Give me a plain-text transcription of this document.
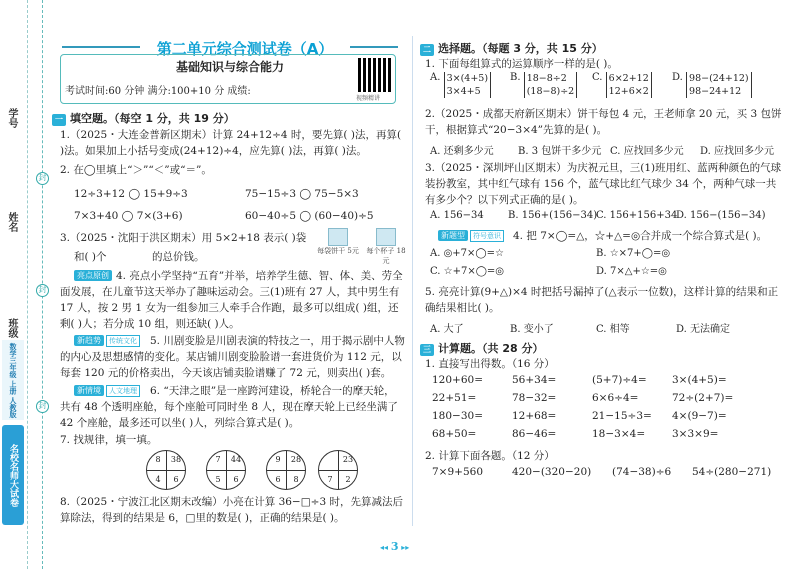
学号
姓名
班级
数学三年级 上册 人教版
名校名师大试卷
封
封
封
第二单元综合测试卷（A）
基础知识与综合能力
考试时间:60 分钟 满分:100+10 分 成绩:
视频精讲
一 填空题。（每空 1 分，共 19 分）
1.（2025・大连金普新区期末）计算 24+12÷4 时，要先算( )法，再算( )法。如果加上小括号变成(24+12)÷4，应先算( )法，再算( )法。
2. 在◯里填上“＞”“＜”或“＝”。
12÷3+12 ◯ 15+9÷3	75−15÷3 ◯ 75−5×3
7×3+40 ◯ 7×(3+6)	60−40÷5 ◯ (60−40)÷5
3.（2025・沈阳于洪区期末）用 5×2+18 表示( )袋
和( )个	的总价钱。	每袋饼干 5元	每个杯子 18元
亮点原创 4. 亮点小学坚持“五育”并举，培养学生德、智、体、美、劳全面发展，在儿童节这天举办了趣味运动会。三(1)班有 27 人，其中男生有 17 人，按 2 男 1 女为一组参加三人牵手合作跑，最多可以组成( )组，还剩( )人；若分成 10 组，则还缺( )人。
新趋势	传统文化	5. 川剧变脸是川剧表演的特技之一，用于揭示剧中人物的内心及思想感情的变化。某店铺川剧变脸脸谱一套进货价为 112 元，以每套 120 元的价格卖出，今天该店铺卖脸谱赚了 72 元，则卖出( )套。
新情境	人文地理	6. “天津之眼”是一座跨河建设，桥轮合一的摩天轮，共有 48 个透明座舱，每个座舱可同时坐 8 人，现在摩天轮上已经坐满了 42 个座舱，最多还可以坐( )人，列综合算式是( )。
7. 找规律，填一填。
8	38
4	6
7	44
5	6
9	28
6	8
23
7	2
8.（2025・宁波江北区期末改编）小亮在计算 36−□÷3 时，先算减法后算除法，得到的结果是 6，□里的数是( )，正确的结果是( )。
二 选择题。（每题 3 分，共 15 分）
1. 下面每组算式的运算顺序一样的是( )。
A. 3×(4+5)
3×4+5
B. 18−8÷2
(18−8)÷2
C. 6×2+12
12+6×2
D. 98−(24+12)
98−24+12
2.（2025・成都天府新区期末）饼干每包 4 元，王老师拿 20 元，买 3 包饼干，根据算式“20−3×4”先算的是( )。
A. 还剩多少元 B. 3 包饼干多少元 C. 应找回多少元 D. 应找回多少元
3.（2025・深圳坪山区期末）为庆祝元旦，三(1)班用红、蓝两种颜色的气球装扮教室，其中红气球有 156 个，蓝气球比红气球少 34 个，两种气球一共有多少个？以下列式正确的是( )。
A. 156−34 B. 156+(156−34)
C. 156+156+34
D. 156−(156−34)
新题型	符号意识	4. 把 7×◯=△，☆+△=◎合并成一个综合算式是( )。
A. ◎+7×◯=☆	B. ☆×7+◯=◎
C. ☆+7×◯=◎	D. 7×△+☆=◎
5. 亮亮计算(9+△)×4 时把括号漏掉了(△表示一位数)，这样计算的结果和正确结果相比( )。
A. 大了	B. 变小了	C. 相等	D. 无法确定
三 计算题。（共 28 分）
1. 直接写出得数。（16 分）
120+60=	56+34=	(5+7)÷4= 3×(4+5)=
22+51=	78−32=	6×6÷4=	72÷(2+7)=
180−30=	12+68=	21−15÷3= 4×(9−7)=
68+50=	86−46=	18−3×4=	3×3×9=
2. 计算下面各题。（12 分）
7×9+560	420−(320−20) (74−38)÷6 54÷(280−271)
◂◂ 3 ▸▸
